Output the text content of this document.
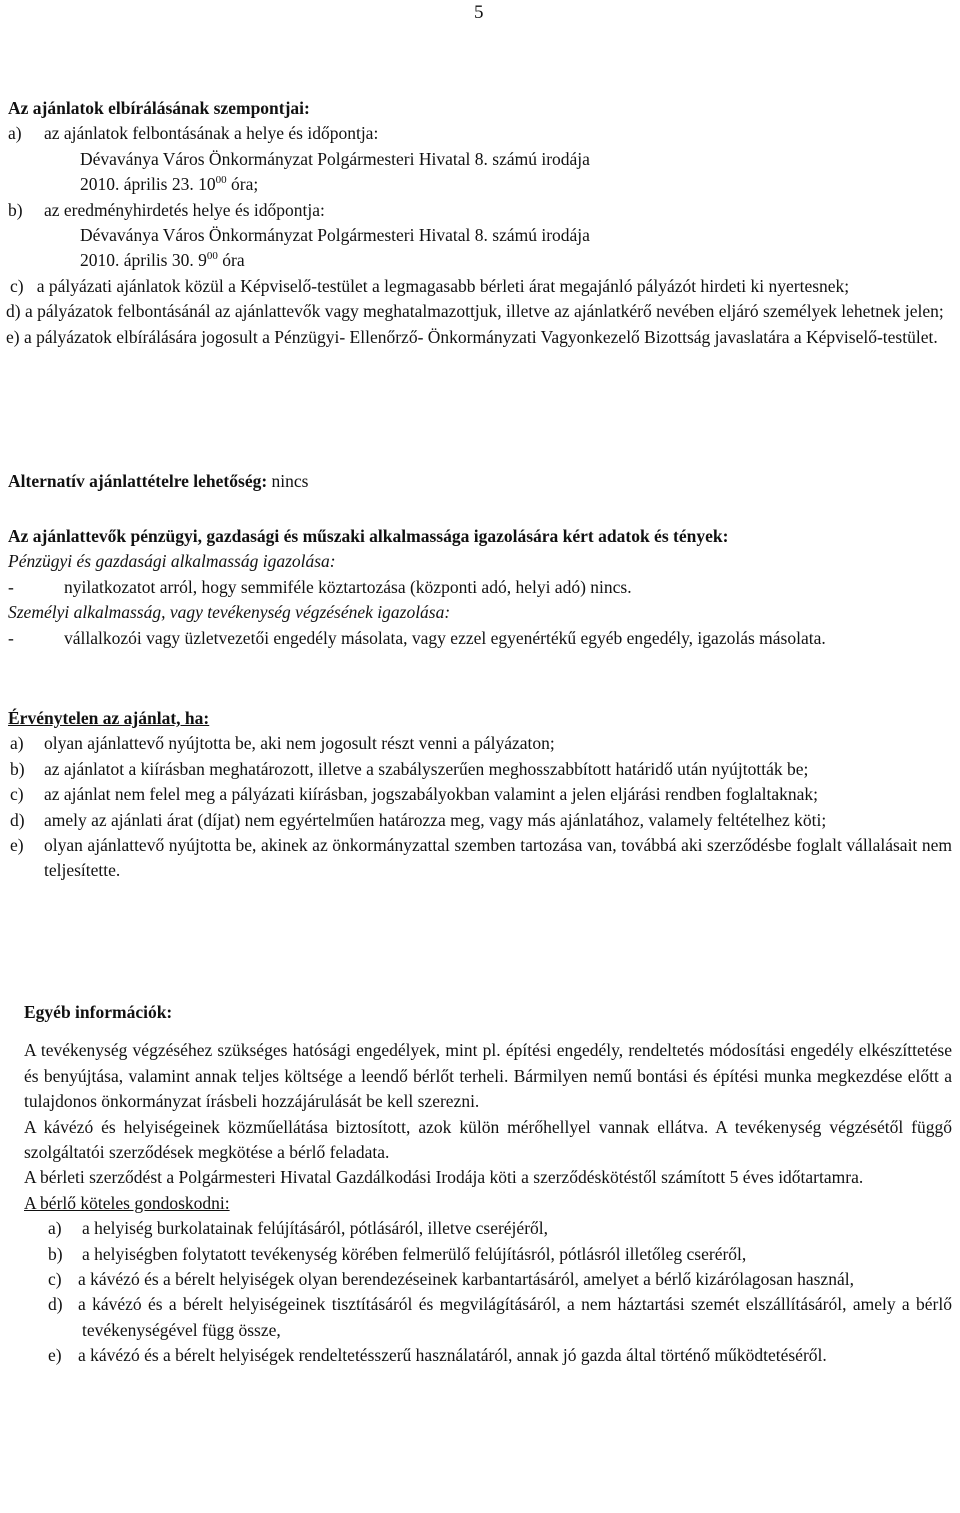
5
Az ajánlatok elbírálásának szempontjai:
a) az ajánlatok felbontásának a helye és időpontja:
Dévaványa Város Önkormányzat Polgármesteri Hivatal 8. számú irodája
2010. április 23. $10^{00}$ óra;
b) az eredményhirdetés helye és időpontja:
Dévaványa Város Önkormányzat Polgármesteri Hivatal 8. számú irodája
2010. április 30. $9^{00}$ óra
c)   a pályázati ajánlatok közül a Képviselő-testület a legmagasabb bérleti árat megajánló pályázót hirdeti ki nyertesnek;
d) a pályázatok felbontásánál az ajánlattevők vagy meghatalmazottjuk, illetve az ajánlatkérő nevében eljáró személyek lehetnek jelen;
e) a pályázatok elbírálására jogosult a Pénzügyi- Ellenőrző- Önkormányzati Vagyonkezelő Bizottság javaslatára a Képviselő-testület.
Alternatív ajánlattételre lehetőség: nincs
Az ajánlattevők pénzügyi, gazdasági és műszaki alkalmassága igazolására kért adatok és tények:
Pénzügyi és gazdasági alkalmasság igazolása:
-	nyilatkozatot arról, hogy semmiféle köztartozása (központi adó, helyi adó) nincs.
Személyi alkalmasság, vagy tevékenység végzésének igazolása:
-	vállalkozói vagy üzletvezetői engedély másolata, vagy ezzel egyenértékű egyéb engedély, igazolás másolata.
Érvénytelen az ajánlat, ha:
a) olyan ajánlattevő nyújtotta be, aki nem jogosult részt venni a pályázaton;
b) az ajánlatot a kiírásban meghatározott, illetve a szabályszerűen meghosszabbított határidő után nyújtották be;
c) az ajánlat nem felel meg a pályázati kiírásban, jogszabályokban valamint a jelen eljárási rendben foglaltaknak;
d) amely az ajánlati árat (díjat) nem egyértelműen határozza meg, vagy más ajánlatához, valamely feltételhez köti;
e) olyan ajánlattevő nyújtotta be, akinek az önkormányzattal szemben tartozása van, továbbá aki szerződésbe foglalt vállalásait nem teljesítette.
Egyéb információk:
A tevékenység végzéséhez szükséges hatósági engedélyek, mint pl. építési engedély, rendeltetés módosítási engedély elkészíttetése és benyújtása, valamint annak teljes költsége a leendő bérlőt terheli. Bármilyen nemű bontási és építési munka megkezdése előtt a tulajdonos önkormányzat írásbeli hozzájárulását be kell szerezni.
A kávézó és helyiségeinek közműellátása biztosított, azok külön mérőhellyel vannak ellátva. A tevékenység végzésétől függő szolgáltatói szerződések megkötése a bérlő feladata.
A bérleti szerződést a Polgármesteri Hivatal Gazdálkodási Irodája köti a szerződéskötéstől számított 5 éves időtartamra.
A bérlő köteles gondoskodni:
a) a helyiség burkolatainak felújításáról, pótlásáról, illetve cseréjéről,
b) a helyiségben folytatott tevékenység körében felmerülő felújításról, pótlásról illetőleg cseréről,
c) a kávézó és a bérelt helyiségek olyan berendezéseinek karbantartásáról, amelyet a bérlő kizárólagosan használ,
d) a kávézó és a bérelt helyiségeinek tisztításáról és megvilágításáról, a nem háztartási szemét elszállításáról, amely a bérlő tevékenységével függ össze,
e) a kávézó és a bérelt helyiségek rendeltetésszerű használatáról, annak jó gazda által történő működtetéséről.
